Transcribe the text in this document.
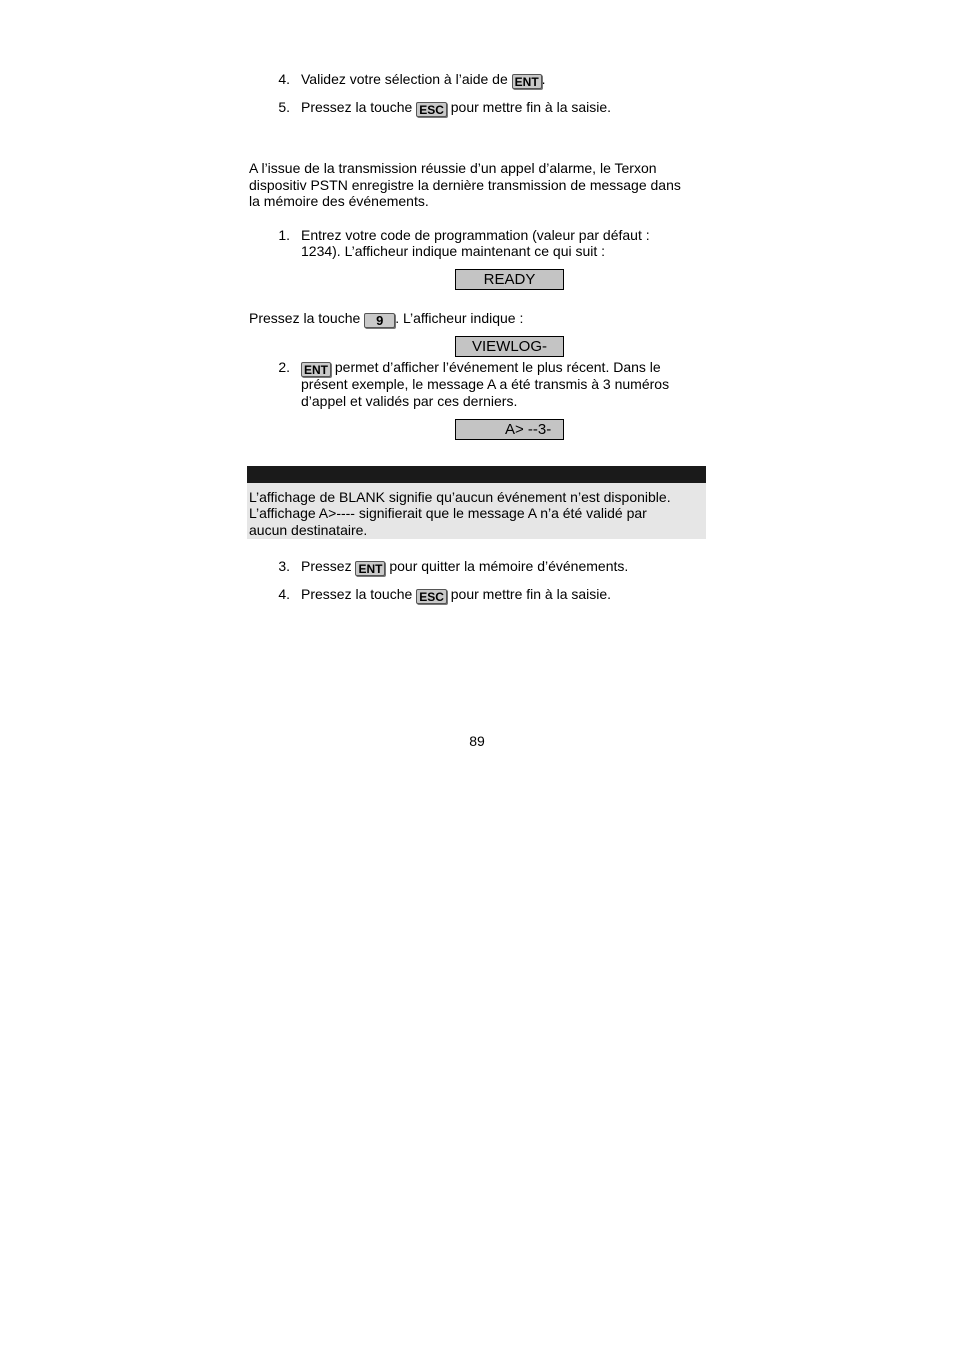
4. Validez votre sélection à l’aide de ENT .
5. Pressez la touche ESC pour mettre fin à la saisie.
A l’issue de la transmission réussie d’un appel d’alarme, le Terxon
dispositiv PSTN enregistre la dernière transmission de message dans
la mémoire des événements.
1. Entrez votre code de programmation (valeur par défaut :
1234). L’afficheur indique maintenant ce qui suit :
READY
Pressez la touche 9 . L’afficheur indique :
VIEWLOG-
2. ENT permet d’afficher l’événement le plus récent. Dans le
présent exemple, le message A a été transmis à 3 numéros
d’appel et validés par ces derniers.
A> --3-
L’affichage de BLANK signifie qu’aucun événement n’est disponible.
L’affichage A>---- signifierait que le message A n’a été validé par
aucun destinataire.
3. Pressez ENT pour quitter la mémoire d’événements.
4. Pressez la touche ESC pour mettre fin à la saisie.
89
